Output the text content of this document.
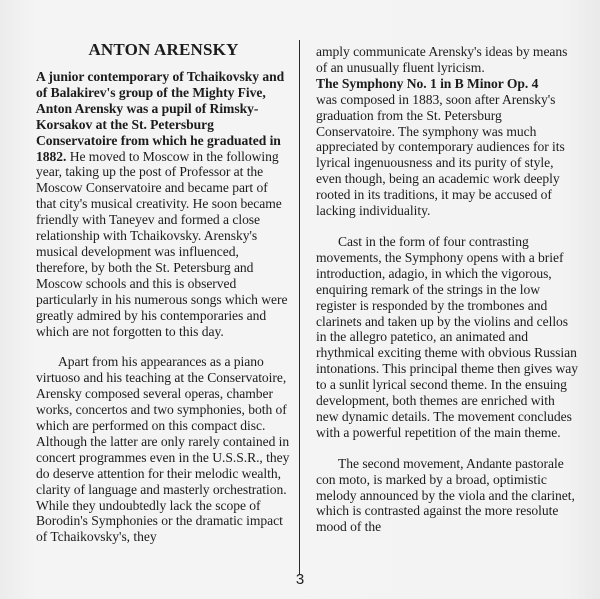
ANTON ARENSKY

A junior contemporary of Tchaikovsky and of Balakirev's group of the Mighty Five, Anton Arensky was a pupil of Rimsky-Korsakov at the St. Petersburg Conservatoire from which he graduated in 1882. He moved to Moscow in the following year, taking up the post of Professor at the Moscow Conservatoire and became part of that city's musical creativity. He soon became friendly with Taneyev and formed a close relationship with Tchaikovsky. Arensky's musical development was influenced, therefore, by both the St. Petersburg and Moscow schools and this is observed particularly in his numerous songs which were greatly admired by his contemporaries and which are not forgotten to this day.

Apart from his appearances as a piano virtuoso and his teaching at the Conservatoire, Arensky composed several operas, chamber works, concertos and two symphonies, both of which are performed on this compact disc. Although the latter are only rarely contained in concert programmes even in the U.S.S.R., they do deserve attention for their melodic wealth, clarity of language and masterly orchestration. While they undoubtedly lack the scope of Borodin's Symphonies or the dramatic impact of Tchaikovsky's, they

amply communicate Arensky's ideas by means of an unusually fluent lyricism.

The Symphony No. 1 in B Minor Op. 4
was composed in 1883, soon after Arensky's graduation from the St. Petersburg Conservatoire. The symphony was much appreciated by contemporary audiences for its lyrical ingenuousness and its purity of style, even though, being an academic work deeply rooted in its traditions, it may be accused of lacking individuality.

Cast in the form of four contrasting movements, the Symphony opens with a brief introduction, adagio, in which the vigorous, enquiring remark of the strings in the low register is responded by the trombones and clarinets and taken up by the violins and cellos in the allegro patetico, an animated and rhythmical exciting theme with obvious Russian intonations. This principal theme then gives way to a sunlit lyrical second theme. In the ensuing development, both themes are enriched with new dynamic details. The movement concludes with a powerful repetition of the main theme.

The second movement, Andante pastorale con moto, is marked by a broad, optimistic melody announced by the viola and the clarinet, which is contrasted against the more resolute mood of the

3
